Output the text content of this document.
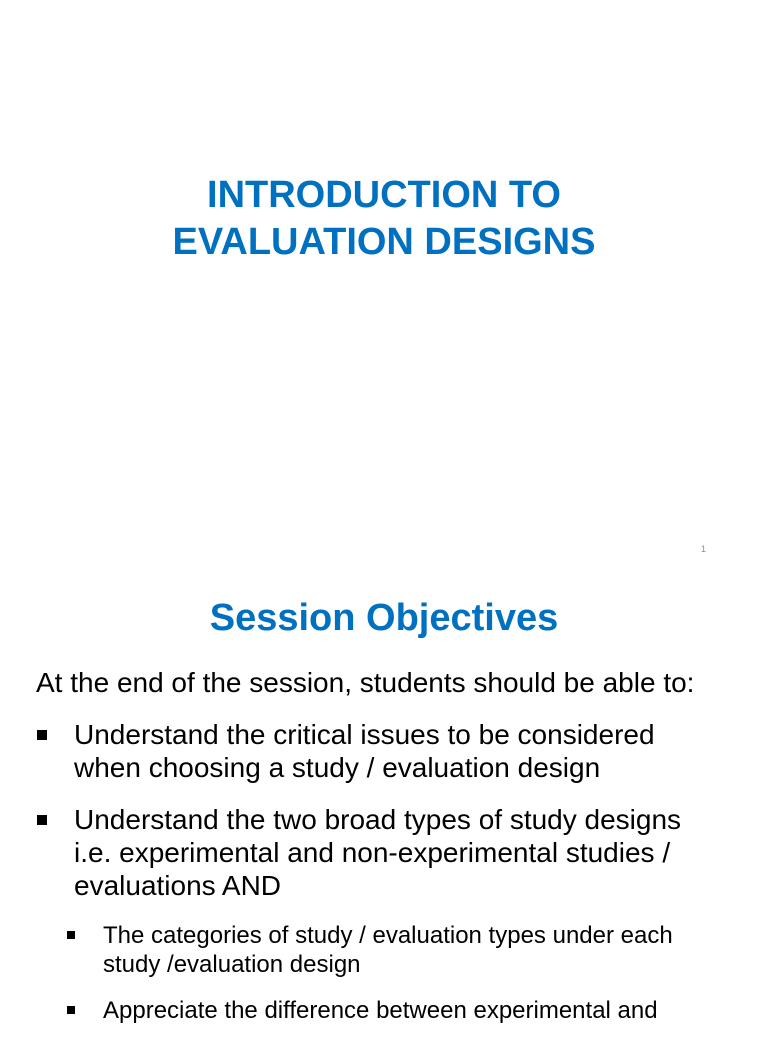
INTRODUCTION TO
EVALUATION DESIGNS
1
Session Objectives

At the end of the session, students should be able to:

Understand the critical issues to be considered
when choosing a study / evaluation design
Understand the two broad types of study designs
i.e. experimental and non-experimental studies /
evaluations AND
The categories of study / evaluation types under each
study /evaluation design
Appreciate the difference between experimental and
